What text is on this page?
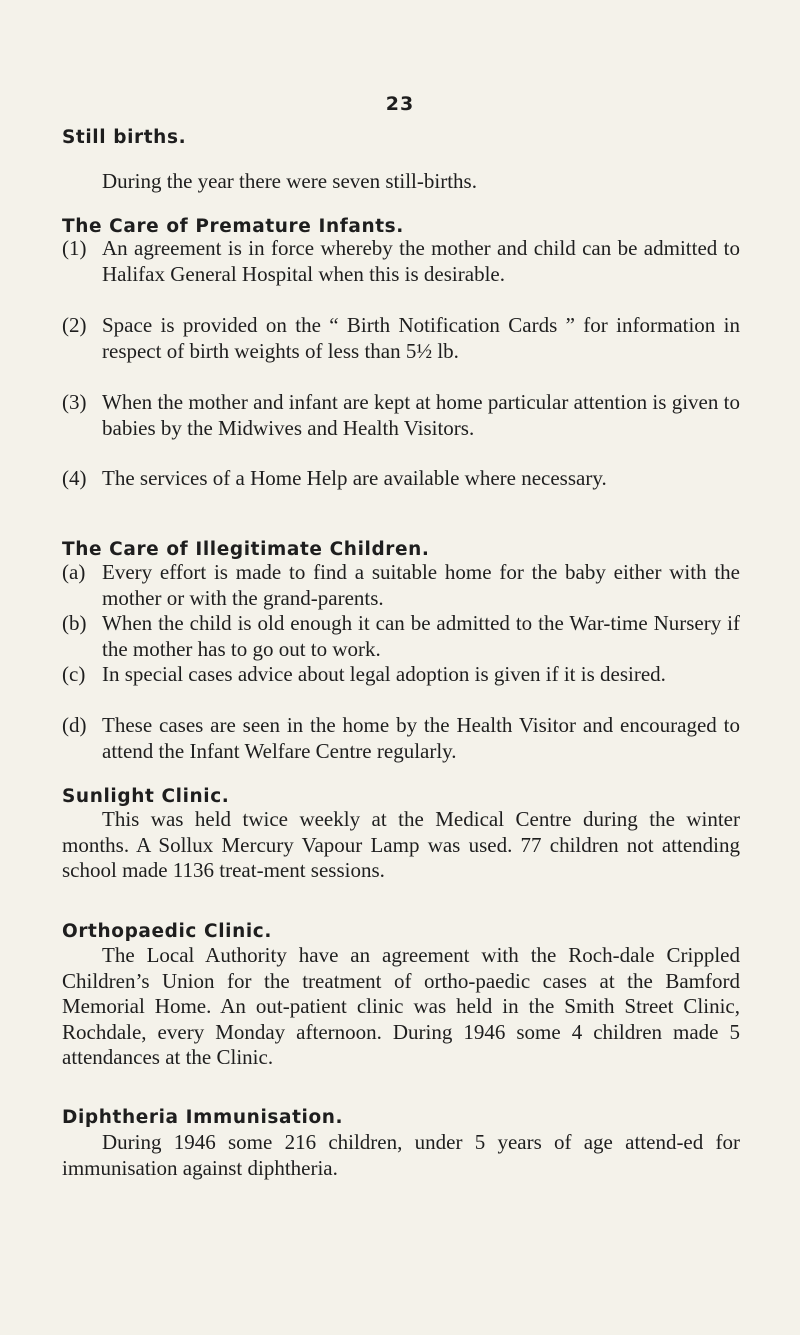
23
Still births.
During the year there were seven still-births.
The Care of Premature Infants.
(1) An agreement is in force whereby the mother and child can be admitted to Halifax General Hospital when this is desirable.
(2) Space is provided on the “ Birth Notification Cards ” for information in respect of birth weights of less than 5½ lb.
(3) When the mother and infant are kept at home particular attention is given to babies by the Midwives and Health Visitors.
(4) The services of a Home Help are available where necessary.
The Care of Illegitimate Children.
(a) Every effort is made to find a suitable home for the baby either with the mother or with the grand-parents.
(b) When the child is old enough it can be admitted to the War-time Nursery if the mother has to go out to work.
(c) In special cases advice about legal adoption is given if it is desired.
(d) These cases are seen in the home by the Health Visitor and encouraged to attend the Infant Welfare Centre regularly.
Sunlight Clinic.
This was held twice weekly at the Medical Centre during the winter months. A Sollux Mercury Vapour Lamp was used. 77 children not attending school made 1136 treat-ment sessions.
Orthopaedic Clinic.
The Local Authority have an agreement with the Roch-dale Crippled Children’s Union for the treatment of ortho-paedic cases at the Bamford Memorial Home. An out-patient clinic was held in the Smith Street Clinic, Rochdale, every Monday afternoon. During 1946 some 4 children made 5 attendances at the Clinic.
Diphtheria Immunisation.
During 1946 some 216 children, under 5 years of age attend-ed for immunisation against diphtheria.
